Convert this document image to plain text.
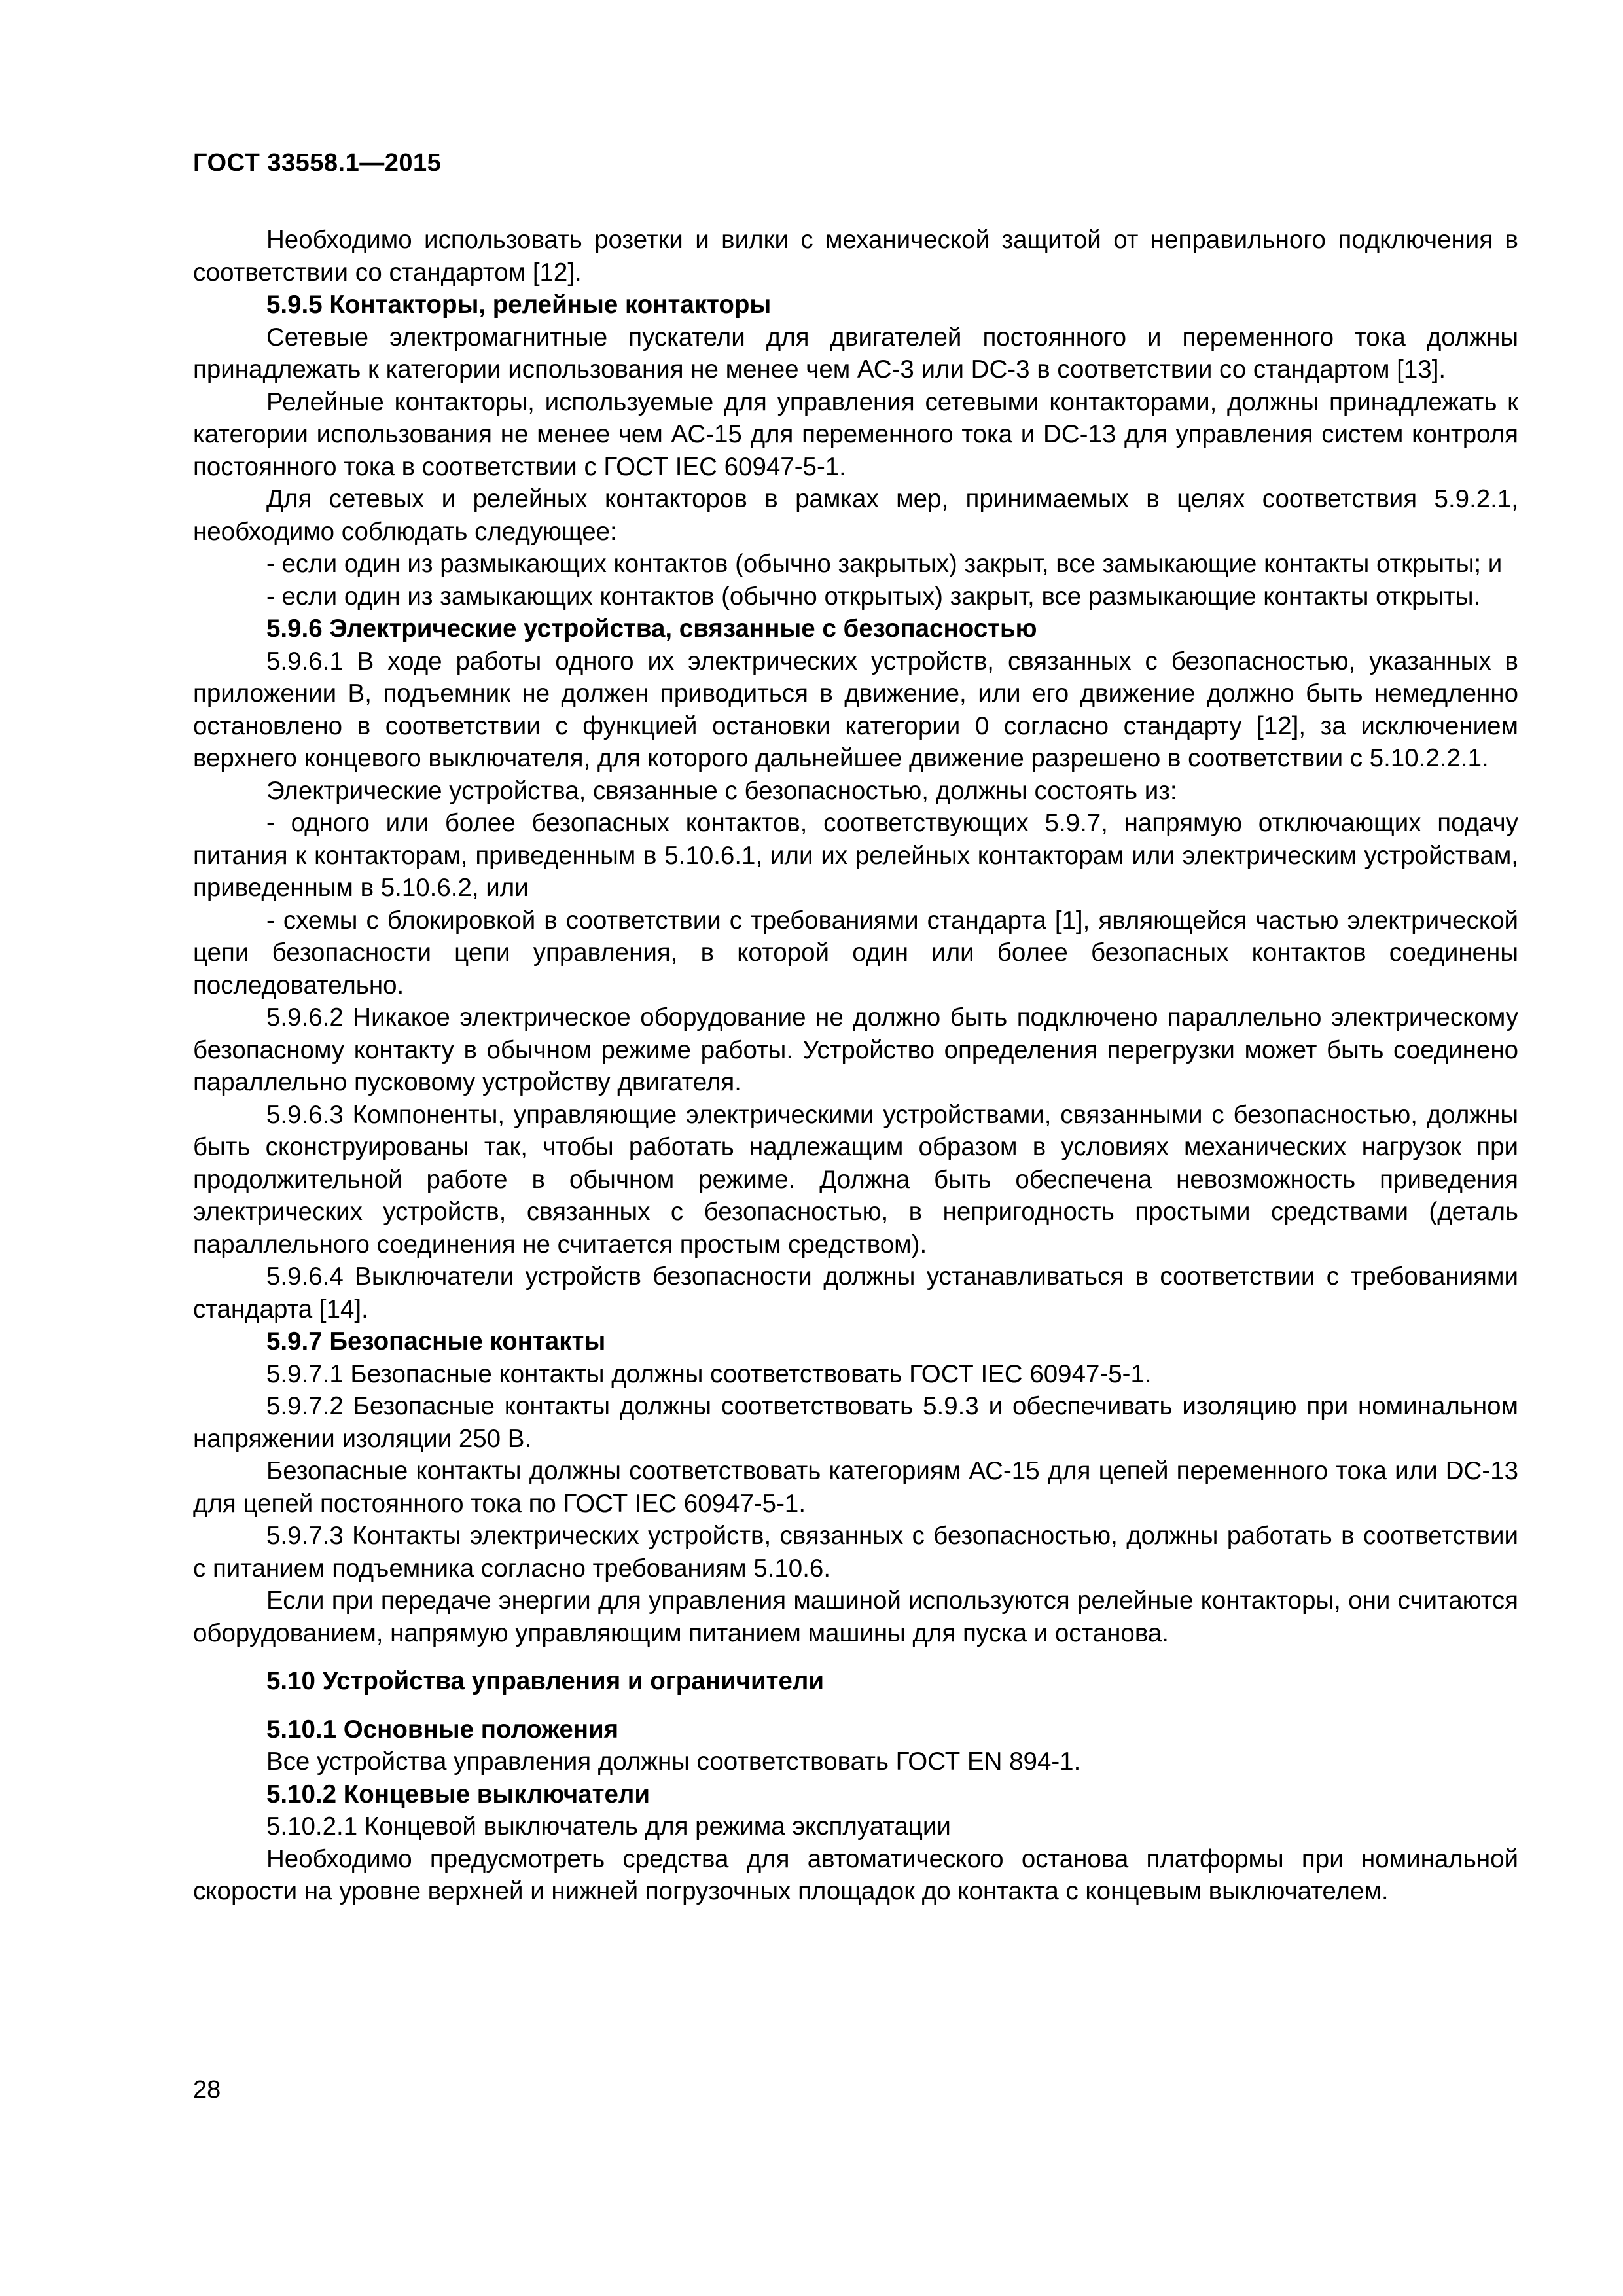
ГОСТ 33558.1—2015

Необходимо использовать розетки и вилки с механической защитой от неправильного подключения в соответствии со стандартом [12].

5.9.5 Контакторы, релейные контакторы

Сетевые электромагнитные пускатели для двигателей постоянного и переменного тока должны принадлежать к категории использования не менее чем АС-3 или DC-3 в соответствии со стандартом [13].

Релейные контакторы, используемые для управления сетевыми контакторами, должны принадлежать к категории использования не менее чем АС-15 для переменного тока и DC-13 для управления систем контроля постоянного тока в соответствии с ГОСТ IEC 60947-5-1.

Для сетевых и релейных контакторов в рамках мер, принимаемых в целях соответствия 5.9.2.1, необходимо соблюдать следующее:

- если один из размыкающих контактов (обычно закрытых) закрыт, все замыкающие контакты открыты; и

- если один из замыкающих контактов (обычно открытых) закрыт, все размыкающие контакты открыты.

5.9.6 Электрические устройства, связанные с безопасностью

5.9.6.1 В ходе работы одного их электрических устройств, связанных с безопасностью, указанных в приложении В, подъемник не должен приводиться в движение, или его движение должно быть немедленно остановлено в соответствии с функцией остановки категории 0 согласно стандарту [12], за исключением верхнего концевого выключателя, для которого дальнейшее движение разрешено в соответствии с 5.10.2.2.1.

Электрические устройства, связанные с безопасностью, должны состоять из:

- одного или более безопасных контактов, соответствующих 5.9.7, напрямую отключающих подачу питания к контакторам, приведенным в 5.10.6.1, или их релейных контакторам или электрическим устройствам, приведенным в 5.10.6.2, или

- схемы с блокировкой в соответствии с требованиями стандарта [1], являющейся частью электрической цепи безопасности цепи управления, в которой один или более безопасных контактов соединены последовательно.

5.9.6.2 Никакое электрическое оборудование не должно быть подключено параллельно электрическому безопасному контакту в обычном режиме работы. Устройство определения перегрузки может быть соединено параллельно пусковому устройству двигателя.

5.9.6.3 Компоненты, управляющие электрическими устройствами, связанными с безопасностью, должны быть сконструированы так, чтобы работать надлежащим образом в условиях механических нагрузок при продолжительной работе в обычном режиме. Должна быть обеспечена невозможность приведения электрических устройств, связанных с безопасностью, в непригодность простыми средствами (деталь параллельного соединения не считается простым средством).

5.9.6.4 Выключатели устройств безопасности должны устанавливаться в соответствии с требованиями стандарта [14].

5.9.7 Безопасные контакты

5.9.7.1 Безопасные контакты должны соответствовать ГОСТ IEC 60947-5-1.

5.9.7.2 Безопасные контакты должны соответствовать 5.9.3 и обеспечивать изоляцию при номинальном напряжении изоляции 250 В.

Безопасные контакты должны соответствовать категориям АС-15 для цепей переменного тока или DC-13 для цепей постоянного тока по ГОСТ IEC 60947-5-1.

5.9.7.3 Контакты электрических устройств, связанных с безопасностью, должны работать в соответствии с питанием подъемника согласно требованиям 5.10.6.

Если при передаче энергии для управления машиной используются релейные контакторы, они считаются оборудованием, напрямую управляющим питанием машины для пуска и останова.

5.10 Устройства управления и ограничители

5.10.1 Основные положения

Все устройства управления должны соответствовать ГОСТ EN 894-1.

5.10.2 Концевые выключатели

5.10.2.1 Концевой выключатель для режима эксплуатации

Необходимо предусмотреть средства для автоматического останова платформы при номинальной скорости на уровне верхней и нижней погрузочных площадок до контакта с концевым выключателем.

28
